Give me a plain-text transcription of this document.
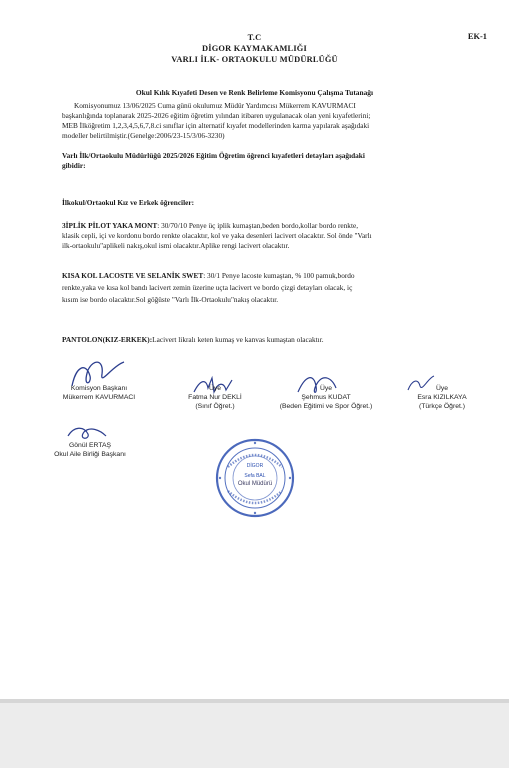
T.C	EK-1
DİGOR KAYMAKAMLIĞI
VARLI İLK- ORTAOKULU MÜDÜRLÜĞÜ
Okul Kılık Kıyafeti Desen ve Renk Belirleme Komisyonu Çalışma Tutanağı
Komisyonumuz 13/06/2025 Cuma günü okulumuz Müdür Yardımcısı Mükerrem KAVURMACI
başkanlığında toplanarak 2025-2026 eğitim öğretim yılından itibaren uygulanacak olan yeni kıyafetlerini;
MEB İlköğretim 1,2,3,4,5,6,7,8.ci sınıflar için alternatif kıyafet modellerinden karma yapılarak aşağıdaki
modeller belirtilmiştir.(Genelge:2006/23-15/3/06-3230)
Varlı İlk/Ortaokulu Müdürlüğü 2025/2026 Eğitim Öğretim öğrenci kıyafetleri detayları aşağıdaki
gibidir:
İlkokul/Ortaokul Kız ve Erkek öğrenciler:
3İPLİK PİLOT YAKA MONT: 30/70/10 Penye üç iplik kumaştan,beden bordo,kollar bordo renkte,
klasik cepli, içi ve kordonu bordo renkte olacaktır, kol ve yaka desenleri lacivert olacaktır. Sol önde "Varlı
ilk-ortaokulu"aplikeli nakış,okul ismi olacaktır.Aplike rengi lacivert olacaktır.
KISA KOL LACOSTE VE SELANİK SWET: 30/1 Penye lacoste kumaştan, % 100 pamuk,bordo
renkte,yaka ve kısa kol bandı lacivert zemin üzerine uçta lacivert ve bordo çizgi detayları olacak, iç
kısım ise bordo olacaktır.Sol göğüste "Varlı İlk-Ortaokulu"nakış olacaktır.
PANTOLON(KIZ-ERKEK):Lacivert likralı keten kumaş ve kanvas kumaştan olacaktır.
Komisyon Başkanı
Mükerrem KAVURMACI
Üye
Fatma Nur DEKLİ
(Sınıf Öğret.)
Üye
Şehmus KUDAT
(Beden Eğitimi ve Spor Öğret.)
Üye
Esra KIZILKAYA
(Türkçe Öğret.)
Gönül ERTAŞ
Okul Aile Birliği Başkanı
DİGOR
Sefa BAL
Okul Müdürü
